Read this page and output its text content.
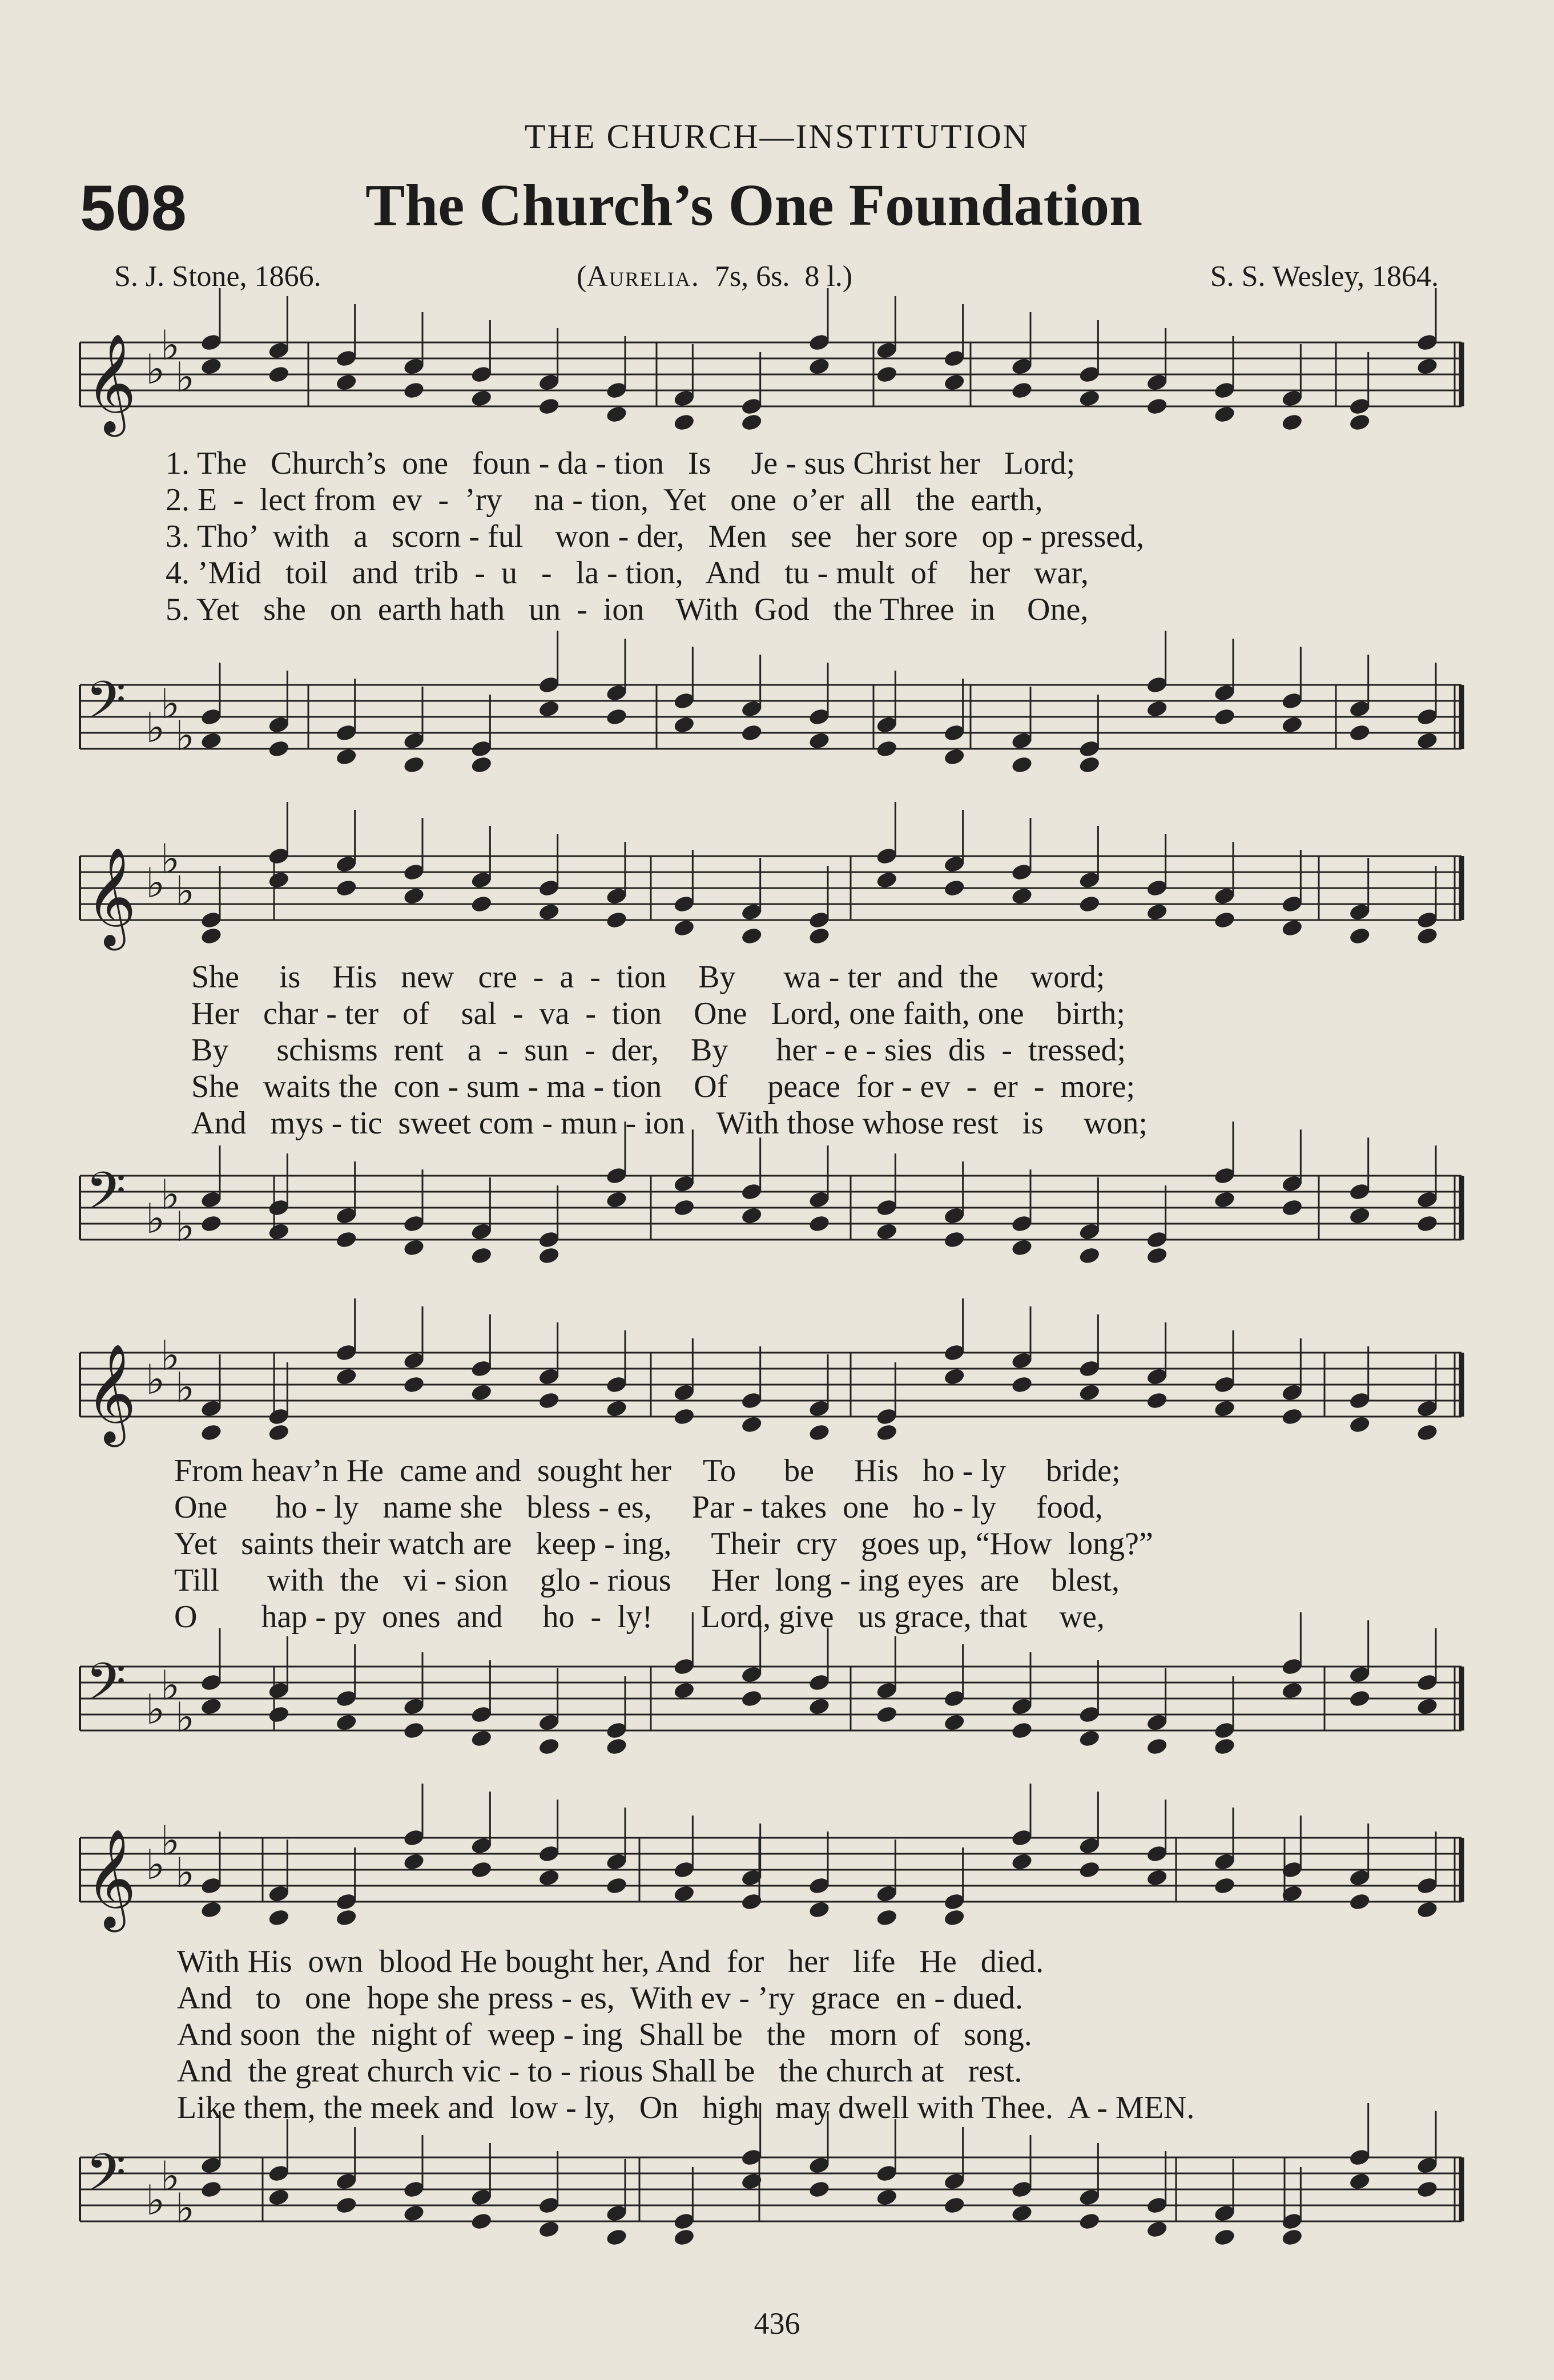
THE CHURCH—INSTITUTION
508	The Church’s One Foundation
S. J. Stone, 1866.	(Aurelia. 7s, 6s. 8 l.)	S. S. Wesley, 1864.
𝄞 ♭
♭
♭
1. The   Church’s  one   foun - da - tion   Is     Je - sus Christ her   Lord;
2. E  -  lect from  ev  -  ’ry    na - tion,  Yet   one  o’er  all   the  earth,
3. Tho’  with   a   scorn - ful    won - der,   Men   see   her sore   op - pressed,
4. ’Mid   toil   and  trib  -  u   -   la - tion,   And   tu - mult  of    her   war,
5. Yet   she   on  earth hath   un  -  ion    With  God   the Three  in    One,
𝄢 ♭
♭
♭
𝄞 ♭
♭
♭
She     is    His   new   cre  -  a  -  tion    By      wa - ter  and  the    word;
Her   char - ter   of    sal  -  va  -  tion    One   Lord, one faith, one    birth;
By      schisms  rent   a  -  sun  -  der,    By      her - e - sies  dis  -  tressed;
She   waits the  con - sum - ma - tion    Of     peace  for - ev  -  er  -  more;
And   mys - tic  sweet com - mun - ion    With those whose rest   is     won;
𝄢 ♭
♭
♭
𝄞 ♭
♭
♭
From heav’n He  came and  sought her    To      be     His   ho - ly     bride;
One      ho - ly   name she   bless - es,     Par - takes  one   ho - ly     food,
Yet   saints their watch are   keep - ing,     Their  cry   goes up, “How  long?”
Till      with  the   vi - sion    glo - rious     Her  long - ing eyes  are    blest,
O        hap - py  ones  and     ho  -  ly!      Lord, give   us grace, that    we,
𝄢 ♭
♭
♭
𝄞 ♭
♭
♭
With His  own  blood He bought her, And  for   her   life   He   died.
And   to   one  hope she press - es,  With ev - ’ry  grace  en - dued.
And soon  the  night of  weep - ing  Shall be   the   morn  of   song.
And  the great church vic - to - rious Shall be   the church at   rest.
Like them, the meek and  low - ly,   On   high  may dwell with Thee.  A - MEN.
𝄢 ♭
♭
♭
436
